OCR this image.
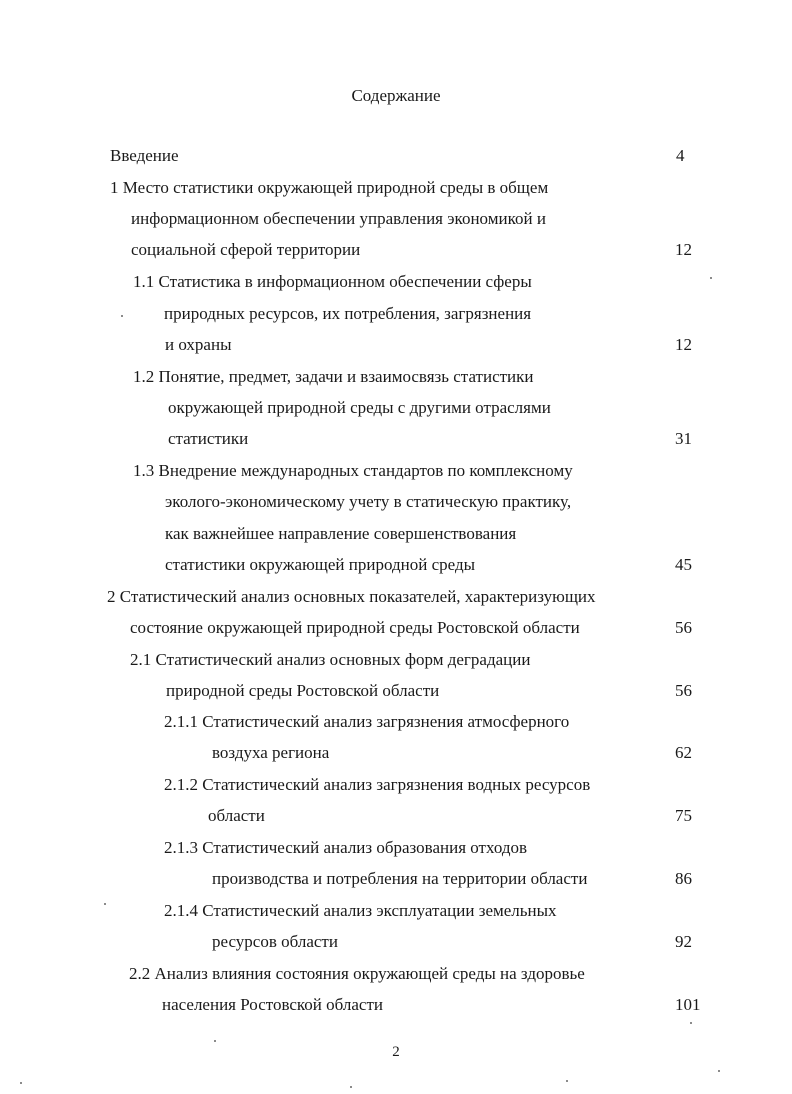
Содержание
Введение	4
1 Место статистики окружающей природной среды в общем
информационном обеспечении управления экономикой и
социальной сферой территории	12
1.1 Статистика в информационном обеспечении сферы
природных ресурсов, их потребления, загрязнения
и охраны	12
1.2 Понятие, предмет, задачи и взаимосвязь статистики
окружающей природной среды с другими отраслями
статистики	31
1.3 Внедрение международных стандартов по комплексному
эколого-экономическому учету в статическую практику,
как важнейшее направление совершенствования
статистики окружающей природной среды	45
2 Статистический анализ основных показателей, характеризующих
состояние окружающей природной среды Ростовской области	56
2.1 Статистический анализ основных форм деградации
природной среды Ростовской области	56
2.1.1 Статистический анализ загрязнения атмосферного
воздуха региона	62
2.1.2 Статистический анализ загрязнения водных ресурсов
области	75
2.1.3 Статистический анализ образования отходов
производства и потребления на территории области	86
2.1.4 Статистический анализ эксплуатации земельных
ресурсов области	92
2.2 Анализ влияния состояния окружающей среды на здоровье
населения Ростовской области	101
2
